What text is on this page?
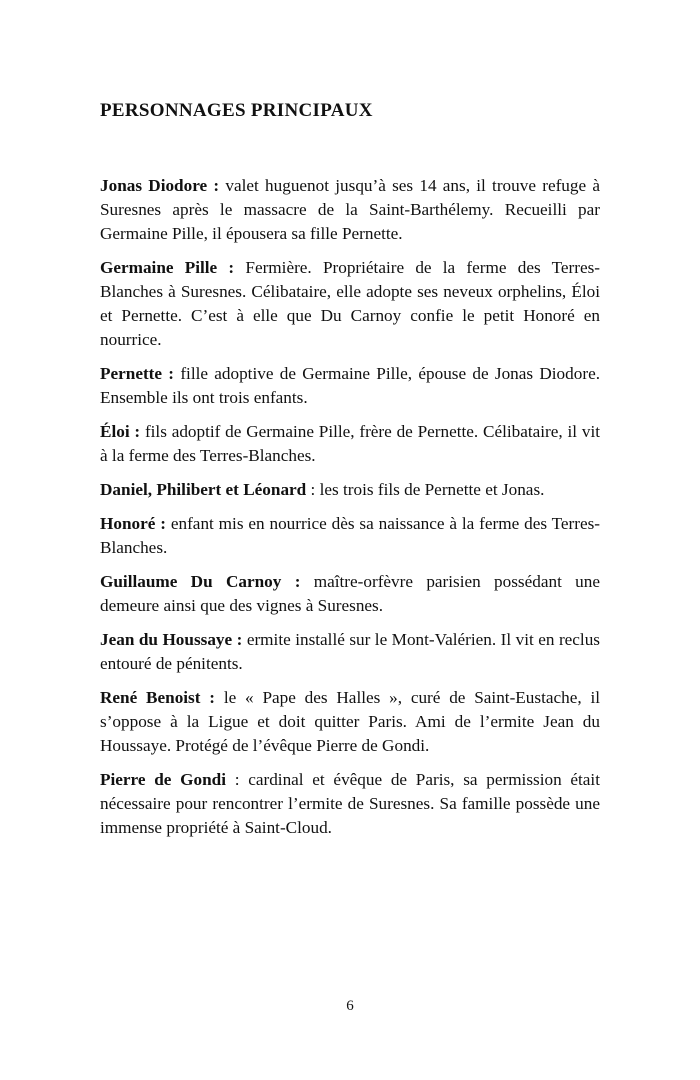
PERSONNAGES PRINCIPAUX

Jonas Diodore : valet huguenot jusqu’à ses 14 ans, il trouve refuge à Suresnes après le massacre de la Saint-Barthélemy. Recueilli par Germaine Pille, il épousera sa fille Pernette.

Germaine Pille : Fermière. Propriétaire de la ferme des Terres-Blanches à Suresnes. Célibataire, elle adopte ses neveux orphelins, Éloi et Pernette. C’est à elle que Du Carnoy confie le petit Honoré en nourrice.

Pernette : fille adoptive de Germaine Pille, épouse de Jonas Diodore. Ensemble ils ont trois enfants.

Éloi : fils adoptif de Germaine Pille, frère de Pernette. Célibataire, il vit à la ferme des Terres-Blanches.

Daniel, Philibert et Léonard : les trois fils de Pernette et Jonas.

Honoré : enfant mis en nourrice dès sa naissance à la ferme des Terres-Blanches.

Guillaume Du Carnoy : maître-orfèvre parisien possédant une demeure ainsi que des vignes à Suresnes.

Jean du Houssaye : ermite installé sur le Mont-Valérien. Il vit en reclus entouré de pénitents.

René Benoist : le « Pape des Halles », curé de Saint-Eustache, il s’oppose à la Ligue et doit quitter Paris. Ami de l’ermite Jean du Houssaye. Protégé de l’évêque Pierre de Gondi.

Pierre de Gondi : cardinal et évêque de Paris, sa permission était nécessaire pour rencontrer l’ermite de Suresnes. Sa famille possède une immense propriété à Saint-Cloud.

6
